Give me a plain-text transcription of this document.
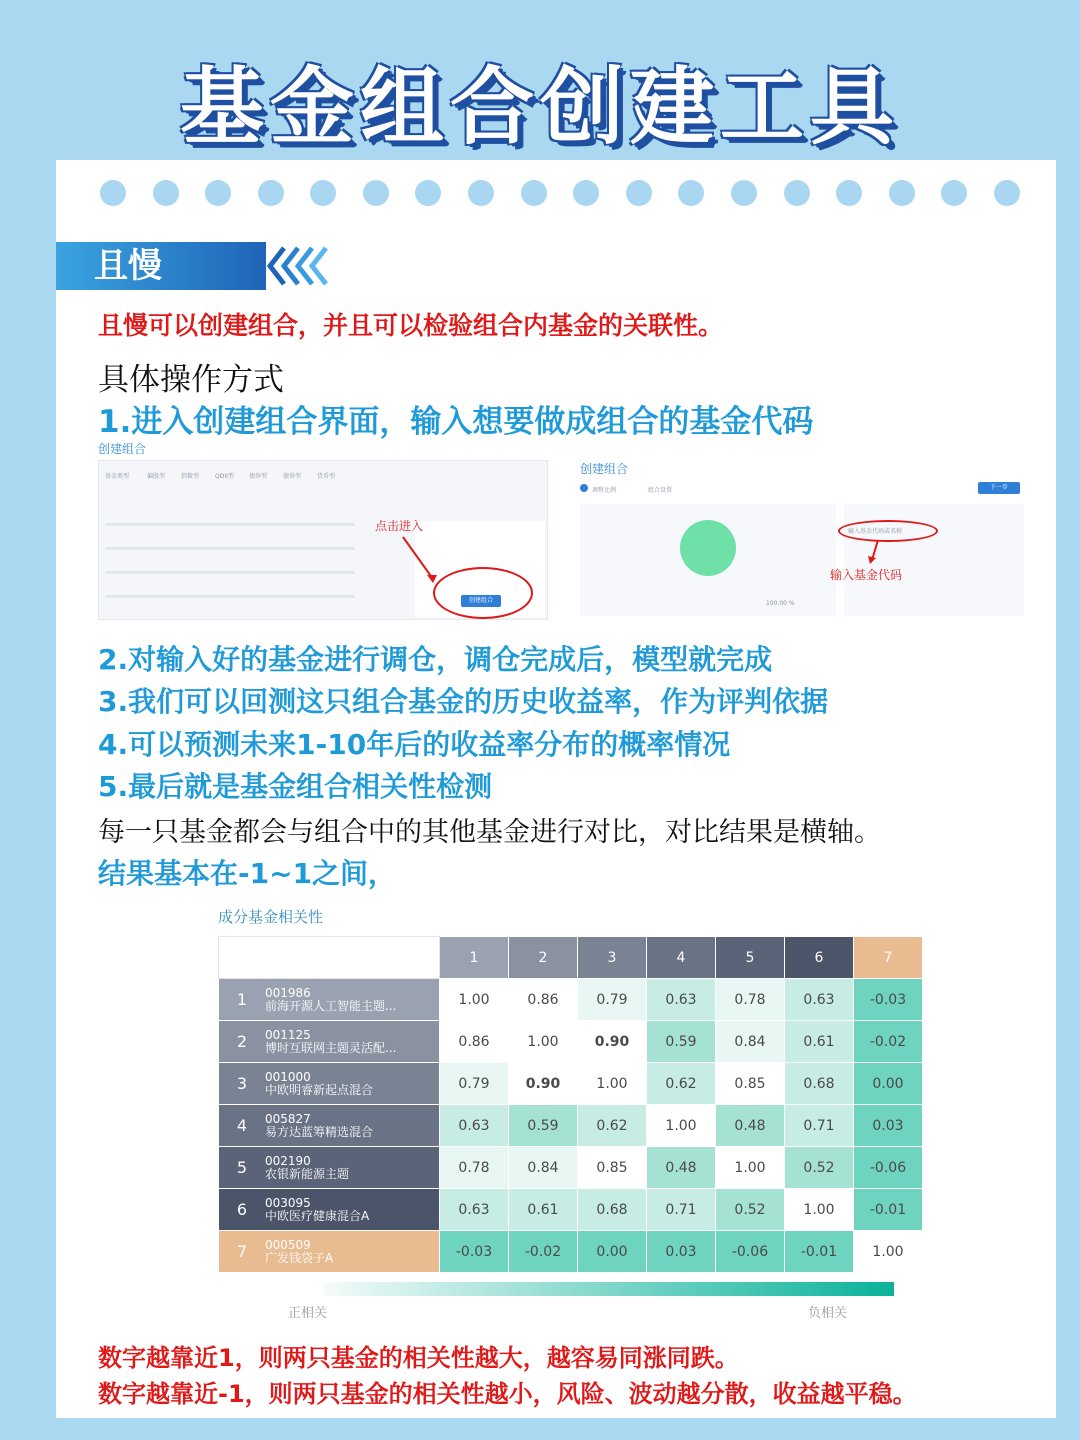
基金组合创建工具
且慢
且慢可以创建组合，并且可以检验组合内基金的关联性。
具体操作方式
1.进入创建组合界面，输入想要做成组合的基金代码
创建组合
基金类型	偏股型	指数型	QDII型	债券型	债券型	货币型
点击进入
创建组合
创建组合
调整比例	组合设置	下一步
100.00 %
输入基金代码或名称
输入基金代码
2.对输入好的基金进行调仓，调仓完成后，模型就完成
3.我们可以回测这只组合基金的历史收益率，作为评判依据
4.可以预测未来1-10年后的收益率分布的概率情况
5.最后就是基金组合相关性检测
每一只基金都会与组合中的其他基金进行对比，对比结果是横轴。
结果基本在-1~1之间，
成分基金相关性
	1	2	3	4	5	6	7
1 001986
前海开源人工智能主题...	1.00	0.86	0.79	0.63	0.78	0.63	-0.03
2 001125
博时互联网主题灵活配...	0.86	1.00	0.90	0.59	0.84	0.61	-0.02
3 001000
中欧明睿新起点混合	0.79	0.90	1.00	0.62	0.85	0.68	0.00
4 005827
易方达蓝筹精选混合	0.63	0.59	0.62	1.00	0.48	0.71	0.03
5 002190
农银新能源主题	0.78	0.84	0.85	0.48	1.00	0.52	-0.06
6 003095
中欧医疗健康混合A	0.63	0.61	0.68	0.71	0.52	1.00	-0.01
7 000509
广发钱袋子A	-0.03	-0.02	0.00	0.03	-0.06	-0.01	1.00
正相关	负相关
数字越靠近1，则两只基金的相关性越大，越容易同涨同跌。
数字越靠近-1，则两只基金的相关性越小，风险、波动越分散，收益越平稳。
